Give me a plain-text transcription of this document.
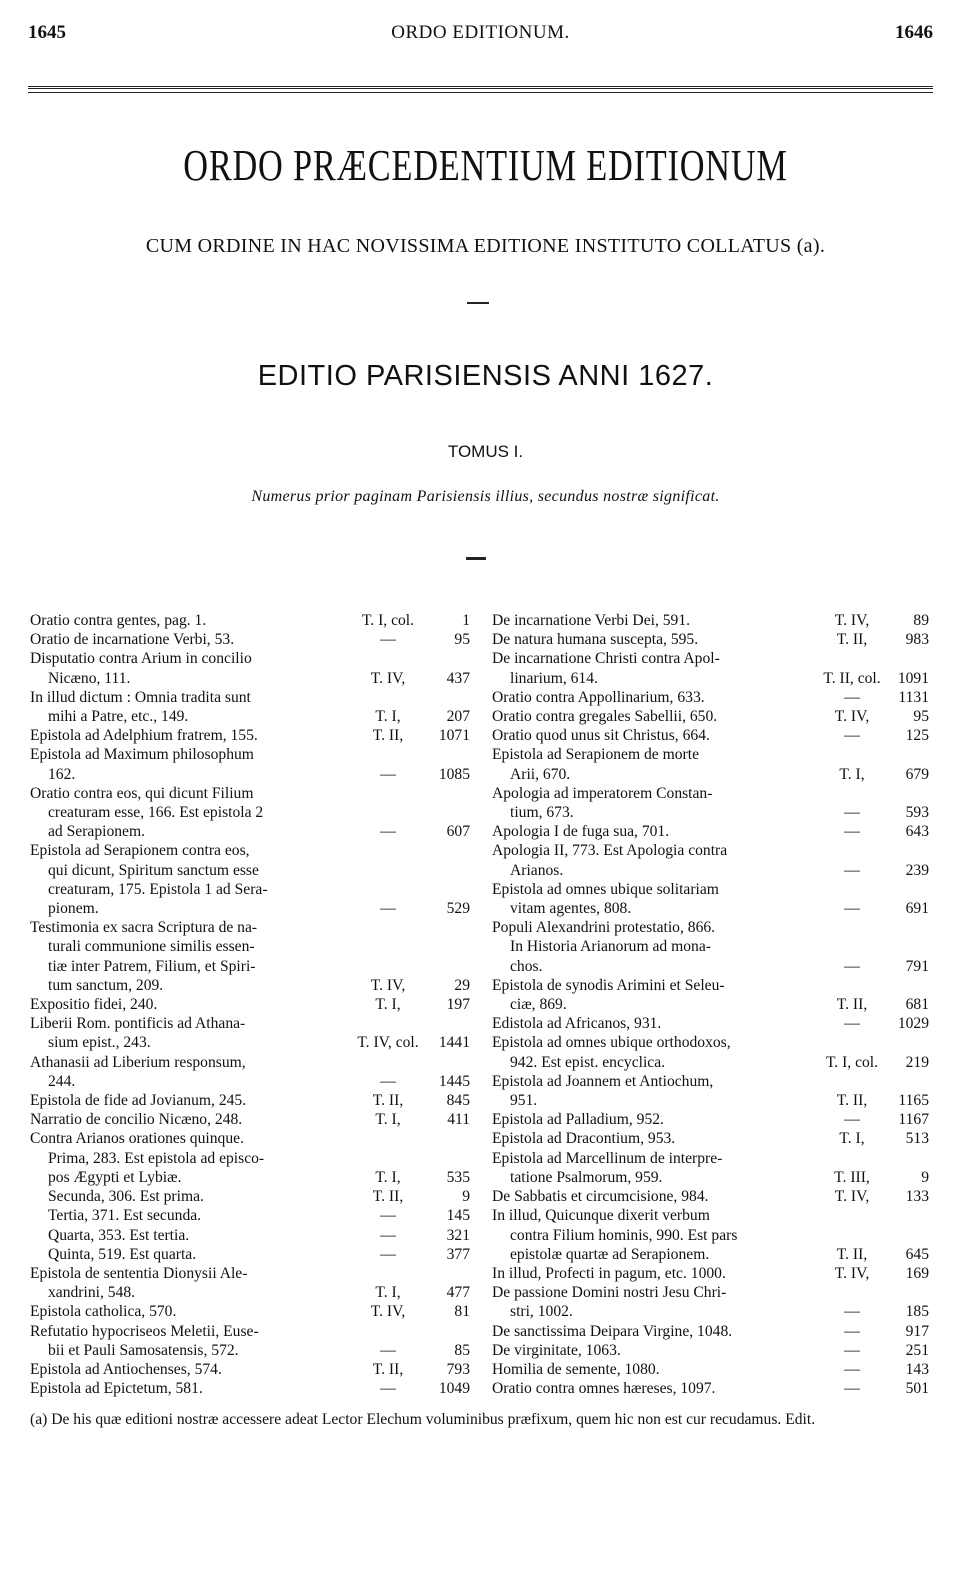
1645	ORDO EDITIONUM.	1646
ORDO PRÆCEDENTIUM EDITIONUM
CUM ORDINE IN HAC NOVISSIMA EDITIONE INSTITUTO COLLATUS (a).
EDITIO PARISIENSIS ANNI 1627.
TOMUS I.
Numerus prior paginam Parisiensis illius, secundus nostræ significat.
Oratio contra gentes, pag. 1.	T. I, col.	1
Oratio de incarnatione Verbi, 53.	—	95
Disputatio contra Arium in concilio
Nicæno, 111.	T. IV,	437
In illud dictum : Omnia tradita sunt
mihi a Patre, etc., 149.	T. I,	207
Epistola ad Adelphium fratrem, 155.	T. II,	1071
Epistola ad Maximum philosophum
162.	—	1085
Oratio contra eos, qui dicunt Filium
creaturam esse, 166. Est epistola 2
ad Serapionem.	—	607
Epistola ad Serapionem contra eos,
qui dicunt, Spiritum sanctum esse
creaturam, 175. Epistola 1 ad Sera-
pionem.	—	529
Testimonia ex sacra Scriptura de na-
turali communione similis essen-
tiæ inter Patrem, Filium, et Spiri-
tum sanctum, 209.	T. IV,	29
Expositio fidei, 240.	T. I,	197
Liberii Rom. pontificis ad Athana-
sium epist., 243.	T. IV, col.	1441
Athanasii ad Liberium responsum,
244.	—	1445
Epistola de fide ad Jovianum, 245.	T. II,	845
Narratio de concilio Nicæno, 248.	T. I,	411
Contra Arianos orationes quinque.
Prima, 283. Est epistola ad episco-
pos Ægypti et Lybiæ.	T. I,	535
Secunda, 306. Est prima.	T. II,	9
Tertia, 371. Est secunda.	—	145
Quarta, 353. Est tertia.	—	321
Quinta, 519. Est quarta.	—	377
Epistola de sententia Dionysii Ale-
xandrini, 548.	T. I,	477
Epistola catholica, 570.	T. IV,	81
Refutatio hypocriseos Meletii, Euse-
bii et Pauli Samosatensis, 572.	—	85
Epistola ad Antiochenses, 574.	T. II,	793
Epistola ad Epictetum, 581.	—	1049
De incarnatione Verbi Dei, 591.	T. IV,	89
De natura humana suscepta, 595.	T. II,	983
De incarnatione Christi contra Apol-
linarium, 614.	T. II, col.	1091
Oratio contra Appollinarium, 633.	—	1131
Oratio contra gregales Sabellii, 650.	T. IV,	95
Oratio quod unus sit Christus, 664.	—	125
Epistola ad Serapionem de morte
Arii, 670.	T. I,	679
Apologia ad imperatorem Constan-
tium, 673.	—	593
Apologia I de fuga sua, 701.	—	643
Apologia II, 773. Est Apologia contra
Arianos.	—	239
Epistola ad omnes ubique solitariam
vitam agentes, 808.	—	691
Populi Alexandrini protestatio, 866.
In Historia Arianorum ad mona-
chos.	—	791
Epistola de synodis Arimini et Seleu-
ciæ, 869.	T. II,	681
Edistola ad Africanos, 931.	—	1029
Epistola ad omnes ubique orthodoxos,
942. Est epist. encyclica.	T. I, col.	219
Epistola ad Joannem et Antiochum,
951.	T. II,	1165
Epistola ad Palladium, 952.	—	1167
Epistola ad Dracontium, 953.	T. I,	513
Epistola ad Marcellinum de interpre-
tatione Psalmorum, 959.	T. III,	9
De Sabbatis et circumcisione, 984.	T. IV,	133
In illud, Quicunque dixerit verbum
contra Filium hominis, 990. Est pars
epistolæ quartæ ad Serapionem.	T. II,	645
In illud, Profecti in pagum, etc. 1000.	T. IV,	169
De passione Domini nostri Jesu Chri-
stri, 1002.	—	185
De sanctissima Deipara Virgine, 1048.	—	917
De virginitate, 1063.	—	251
Homilia de semente, 1080.	—	143
Oratio contra omnes hæreses, 1097.	—	501
(a) De his quæ editioni nostræ accessere adeat Lector Elechum voluminibus præfixum, quem hic non est cur recudamus. Edit.
